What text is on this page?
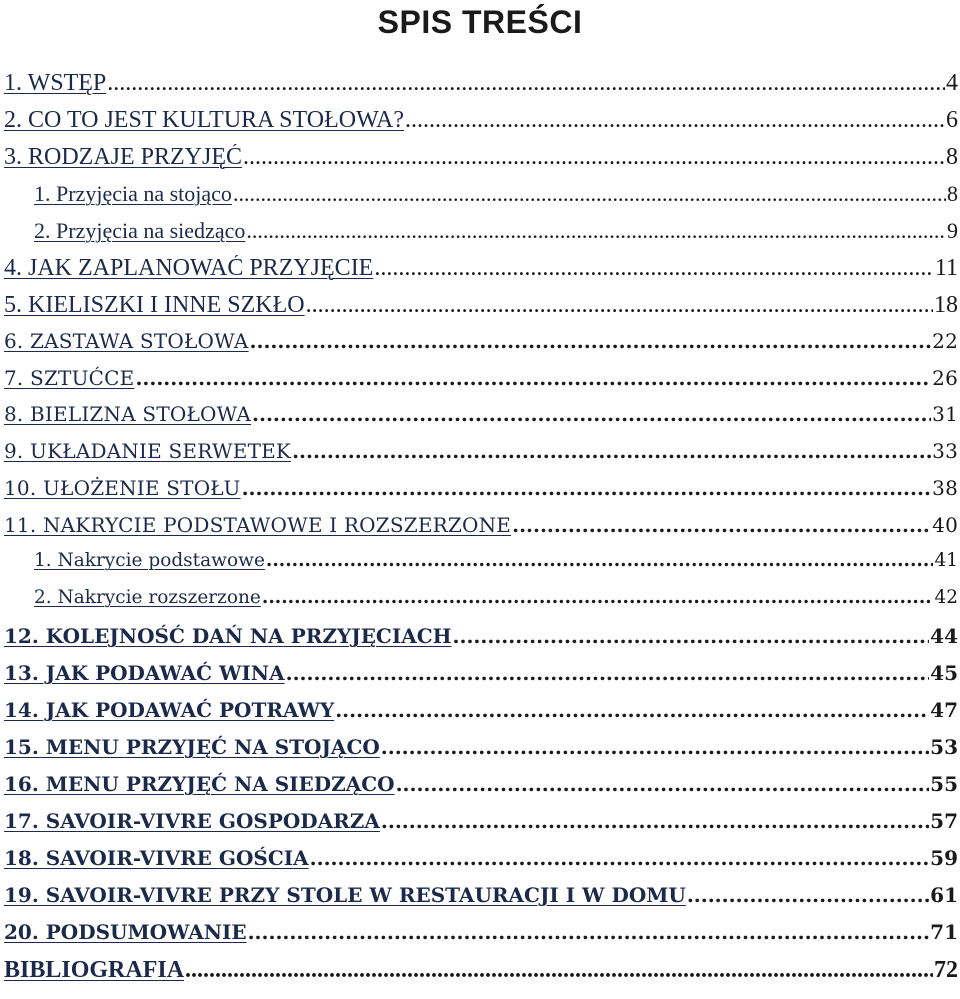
SPIS TREŚCI
1. WSTĘP .....	4
2. CO TO JEST KULTURA STOŁOWA? .....	6
3. RODZAJE PRZYJĘĆ .....	8
1. Przyjęcia na stojąco .....	8
2. Przyjęcia na siedząco .....	9
4. JAK ZAPLANOWAĆ PRZYJĘCIE .....	11
5. KIELISZKI I INNE SZKŁO .....	18
6. ZASTAWA STOŁOWA .....	22
7. SZTUĆCE .....	26
8. BIELIZNA STOŁOWA .....	31
9. UKŁADANIE SERWETEK .....	33
10. UŁOŻENIE STOŁU .....	38
11. NAKRYCIE PODSTAWOWE I ROZSZERZONE .....	40
1. Nakrycie podstawowe .....	41
2. Nakrycie rozszerzone .....	42
12. KOLEJNOŚĆ DAŃ NA PRZYJĘCIACH .....	44
13. JAK PODAWAĆ WINA .....	45
14. JAK PODAWAĆ POTRAWY .....	47
15. MENU PRZYJĘĆ NA STOJĄCO .....	53
16. MENU PRZYJĘĆ NA SIEDZĄCO .....	55
17. SAVOIR-VIVRE GOSPODARZA .....	57
18. SAVOIR-VIVRE GOŚCIA .....	59
19. SAVOIR-VIVRE PRZY STOLE W RESTAURACJI I W DOMU .....	61
20. PODSUMOWANIE .....	71
BIBLIOGRAFIA .....	72
